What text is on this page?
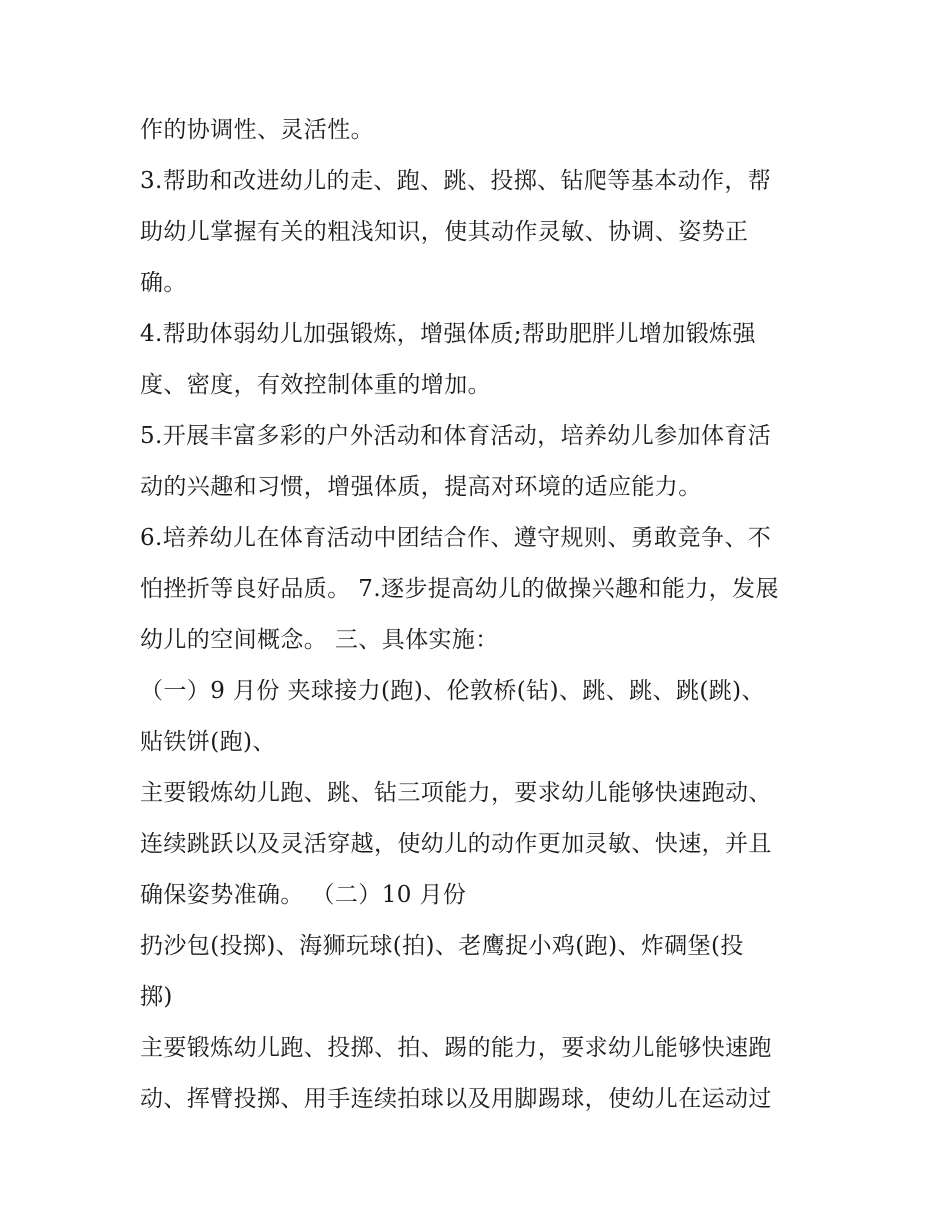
作的协调性、灵活性。
3.帮助和改进幼儿的走、跑、跳、投掷、钻爬等基本动作，帮
助幼儿掌握有关的粗浅知识，使其动作灵敏、协调、姿势正
确。
4.帮助体弱幼儿加强锻炼，增强体质;帮助肥胖儿增加锻炼强
度、密度，有效控制体重的增加。
5.开展丰富多彩的户外活动和体育活动，培养幼儿参加体育活
动的兴趣和习惯，增强体质，提高对环境的适应能力。
6.培养幼儿在体育活动中团结合作、遵守规则、勇敢竞争、不
怕挫折等良好品质。 7.逐步提高幼儿的做操兴趣和能力，发展
幼儿的空间概念。 三、具体实施：
（一）9 月份 夹球接力(跑)、伦敦桥(钻)、跳、跳、跳(跳)、
贴铁饼(跑)、
主要锻炼幼儿跑、跳、钻三项能力，要求幼儿能够快速跑动、
连续跳跃以及灵活穿越，使幼儿的动作更加灵敏、快速，并且
确保姿势准确。 （二）10 月份
扔沙包(投掷)、海狮玩球(拍)、老鹰捉小鸡(跑)、炸碉堡(投
掷)
主要锻炼幼儿跑、投掷、拍、踢的能力，要求幼儿能够快速跑
动、挥臂投掷、用手连续拍球以及用脚踢球，使幼儿在运动过
